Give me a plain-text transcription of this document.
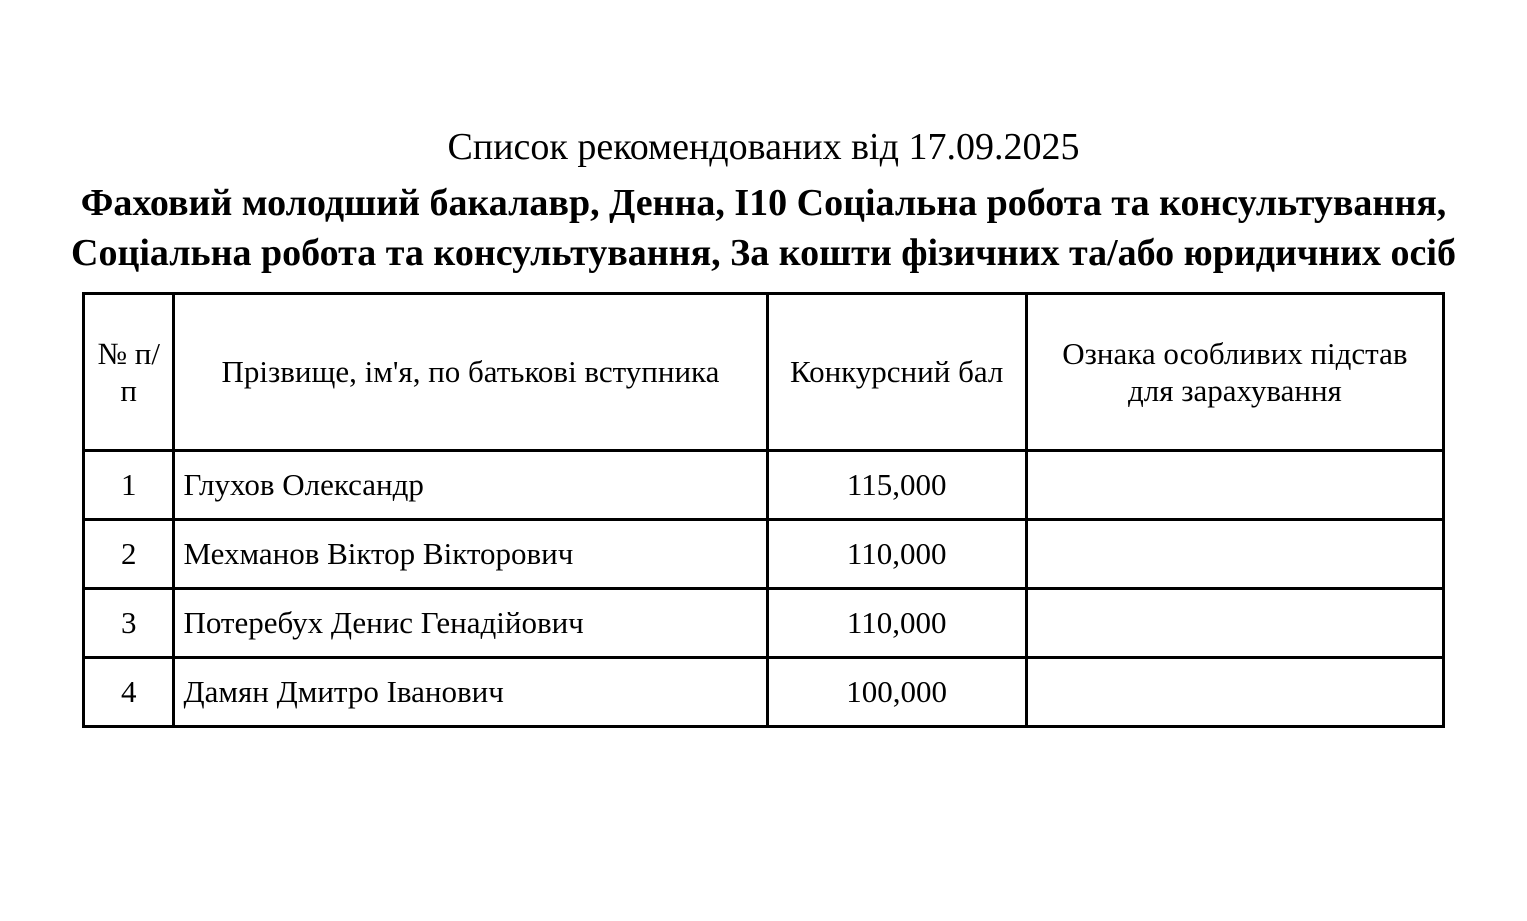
Список рекомендованих від 17.09.2025
Фаховий молодший бакалавр, Денна, І10 Соціальна робота та консультування, Соціальна робота та консультування, За кошти фізичних та/або юридичних осіб
№ п/п	Прізвище, ім'я, по батькові вступника	Конкурсний бал	Ознака особливих підстав для зарахування
1	Глухов Олександр	115,000	
2	Мехманов Віктор Вікторович	110,000	
3	Потеребух Денис Генадійович	110,000	
4	Дамян Дмитро Іванович	100,000	
